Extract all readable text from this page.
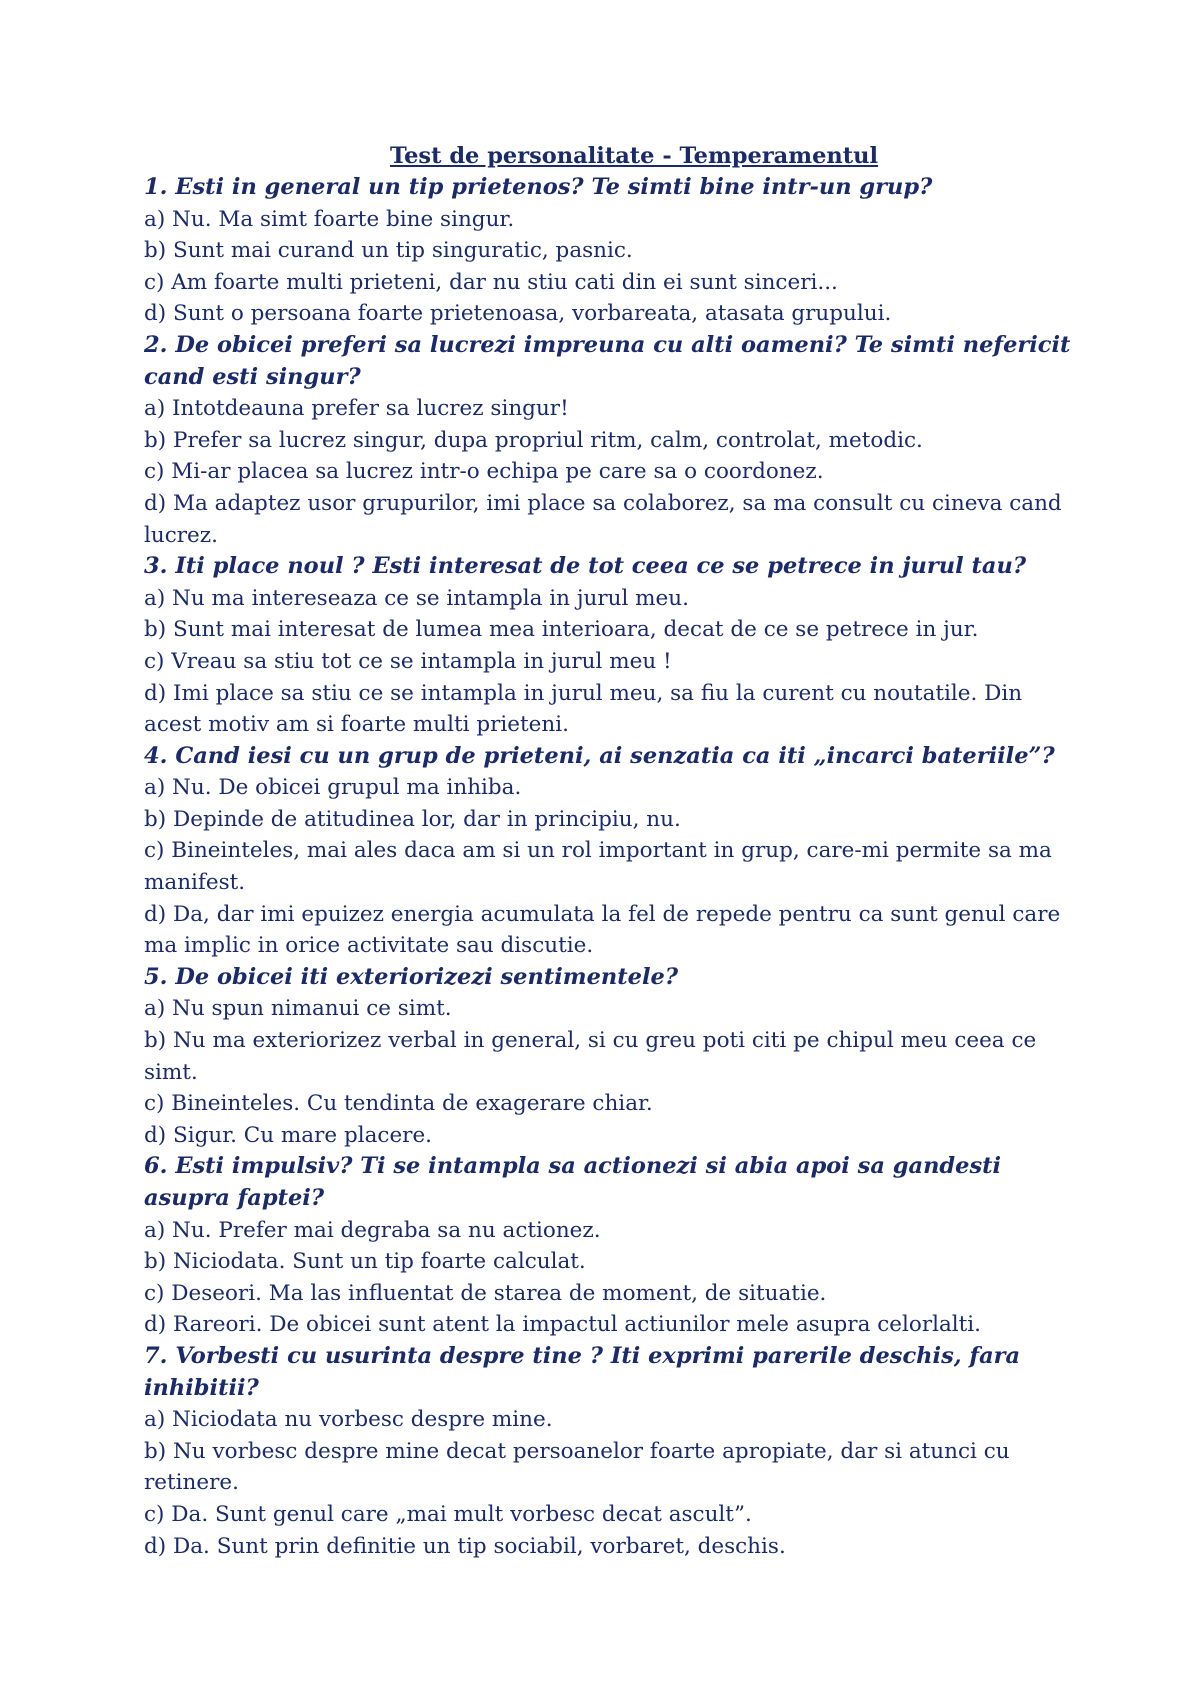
Test de personalitate - Temperamentul

1. Esti in general un tip prietenos? Te simti bine intr-un grup?

a) Nu. Ma simt foarte bine singur.

b) Sunt mai curand un tip singuratic, pasnic.

c) Am foarte multi prieteni, dar nu stiu cati din ei sunt sinceri...

d) Sunt o persoana foarte prietenoasa, vorbareata, atasata grupului.

2. De obicei preferi sa lucrezi impreuna cu alti oameni? Te simti nefericit cand esti singur?

a) Intotdeauna prefer sa lucrez singur!

b) Prefer sa lucrez singur, dupa propriul ritm, calm, controlat, metodic.

c) Mi-ar placea sa lucrez intr-o echipa pe care sa o coordonez.

d) Ma adaptez usor grupurilor, imi place sa colaborez, sa ma consult cu cineva cand lucrez.

3. Iti place noul ? Esti interesat de tot ceea ce se petrece in jurul tau?

a) Nu ma intereseaza ce se intampla in jurul meu.

b) Sunt mai interesat de lumea mea interioara, decat de ce se petrece in jur.

c) Vreau sa stiu tot ce se intampla in jurul meu !

d) Imi place sa stiu ce se intampla in jurul meu, sa fiu la curent cu noutatile. Din acest motiv am si foarte multi prieteni.

4. Cand iesi cu un grup de prieteni, ai senzatia ca iti „incarci bateriile”?

a) Nu. De obicei grupul ma inhiba.

b) Depinde de atitudinea lor, dar in principiu, nu.

c) Bineinteles, mai ales daca am si un rol important in grup, care-mi permite sa ma manifest.

d) Da, dar imi epuizez energia acumulata la fel de repede pentru ca sunt genul care ma implic in orice activitate sau discutie.

5. De obicei iti exteriorizezi sentimentele?

a) Nu spun nimanui ce simt.

b) Nu ma exteriorizez verbal in general, si cu greu poti citi pe chipul meu ceea ce simt.

c) Bineinteles. Cu tendinta de exagerare chiar.

d) Sigur. Cu mare placere.

6. Esti impulsiv? Ti se intampla sa actionezi si abia apoi sa gandesti asupra faptei?

a) Nu. Prefer mai degraba sa nu actionez.

b) Niciodata. Sunt un tip foarte calculat.

c) Deseori. Ma las influentat de starea de moment, de situatie.

d) Rareori. De obicei sunt atent la impactul actiunilor mele asupra celorlalti.

7. Vorbesti cu usurinta despre tine ? Iti exprimi parerile deschis, fara inhibitii?

a) Niciodata nu vorbesc despre mine.

b) Nu vorbesc despre mine decat persoanelor foarte apropiate, dar si atunci cu retinere.

c) Da. Sunt genul care „mai mult vorbesc decat ascult”.

d) Da. Sunt prin definitie un tip sociabil, vorbaret, deschis.
